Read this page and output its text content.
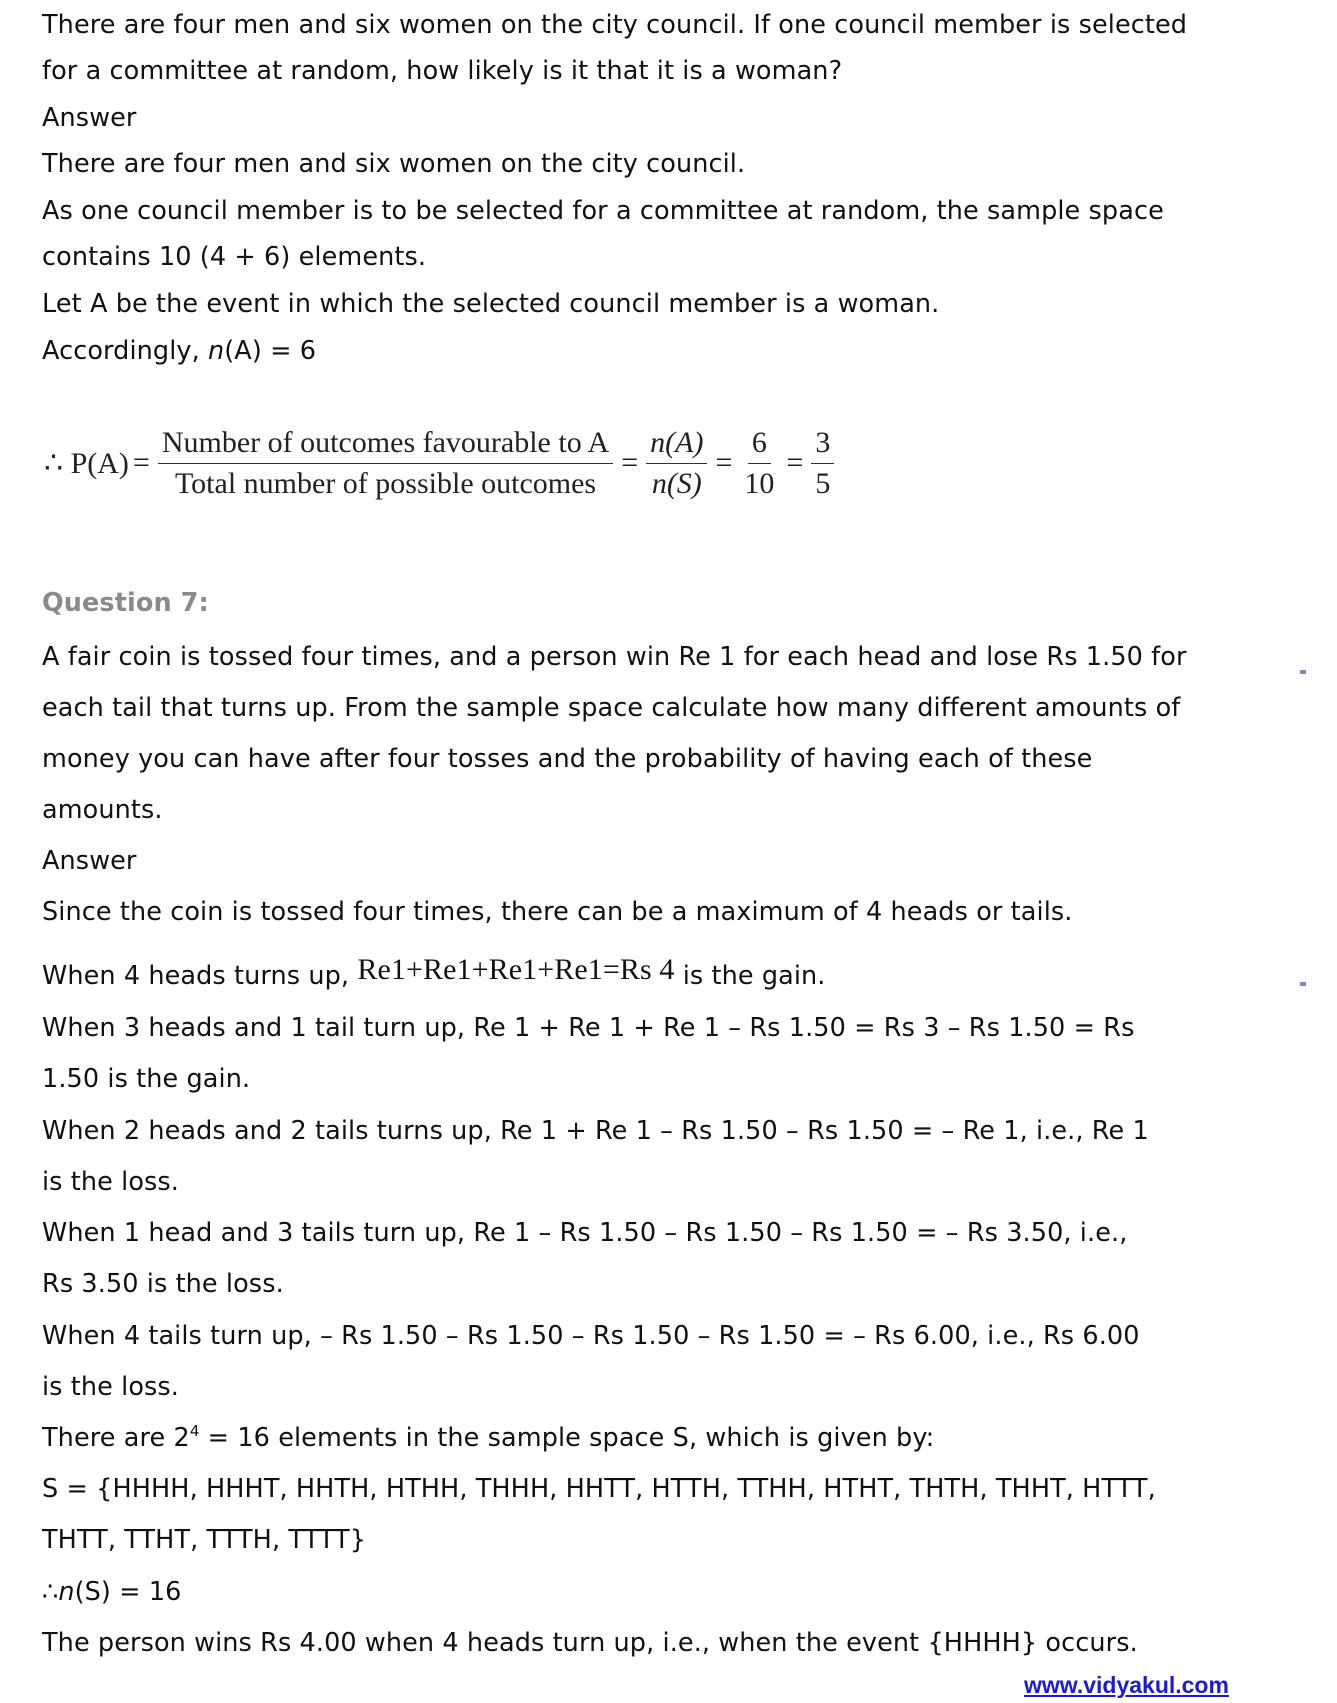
There are four men and six women on the city council. If one council member is selected
for a committee at random, how likely is it that it is a woman?
Answer
There are four men and six women on the city council.
As one council member is to be selected for a committee at random, the sample space
contains 10 (4 + 6) elements.
Let A be the event in which the selected council member is a woman.
Accordingly, n(A) = 6
∴ $P(A) = \frac{\text{Number of outcomes favourable to A}}{\text{Total number of possible outcomes}} = \frac{n(A)}{n(S)} = \frac{6}{10} = \frac{3}{5}$
Question 7:
A fair coin is tossed four times, and a person win Re 1 for each head and lose Rs 1.50 for
each tail that turns up. From the sample space calculate how many different amounts of
money you can have after four tosses and the probability of having each of these
amounts.
Answer
Since the coin is tossed four times, there can be a maximum of 4 heads or tails.
When 4 heads turns up, Re1+Re1+Re1+Re1=Rs 4 is the gain.
When 3 heads and 1 tail turn up, Re 1 + Re 1 + Re 1 – Rs 1.50 = Rs 3 – Rs 1.50 = Rs
1.50 is the gain.
When 2 heads and 2 tails turns up, Re 1 + Re 1 – Rs 1.50 – Rs 1.50 = – Re 1, i.e., Re 1
is the loss.
When 1 head and 3 tails turn up, Re 1 – Rs 1.50 – Rs 1.50 – Rs 1.50 = – Rs 3.50, i.e.,
Rs 3.50 is the loss.
When 4 tails turn up, – Rs 1.50 – Rs 1.50 – Rs 1.50 – Rs 1.50 = – Rs 6.00, i.e., Rs 6.00
is the loss.
There are $2^4 = 16$ elements in the sample space S, which is given by:
S = {HHHH, HHHT, HHTH, HTHH, THHH, HHTT, HTTH, TTHH, HTHT, THTH, THHT, HTTT,
THTT, TTHT, TTTH, TTTT}
∴n(S) = 16
The person wins Rs 4.00 when 4 heads turn up, i.e., when the event {HHHH} occurs.
www.vidyakul.com
